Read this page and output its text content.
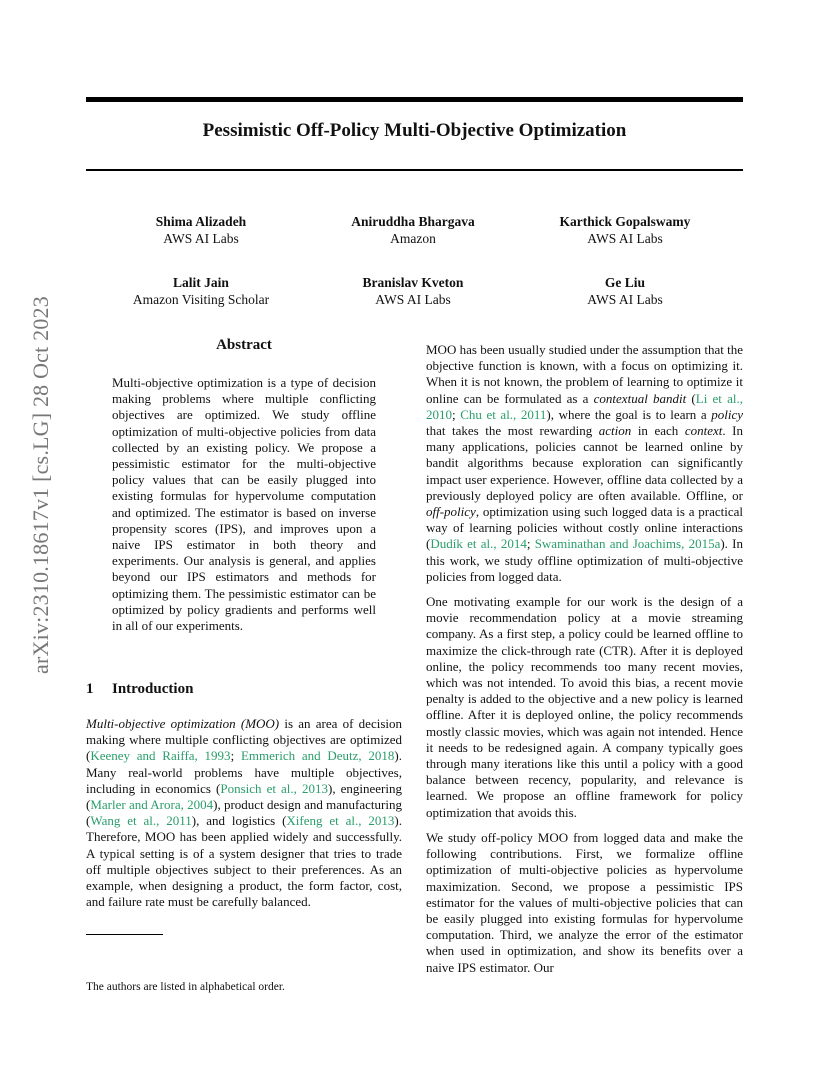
Pessimistic Off-Policy Multi-Objective Optimization
arXiv:2310.18617v1 [cs.LG] 28 Oct 2023
Shima Alizadeh
AWS AI Labs
Aniruddha Bhargava
Amazon
Karthick Gopalswamy
AWS AI Labs
Lalit Jain
Amazon Visiting Scholar
Branislav Kveton
AWS AI Labs
Ge Liu
AWS AI Labs
Abstract
Multi-objective optimization is a type of decision making problems where multiple conflicting objectives are optimized. We study offline optimization of multi-objective policies from data collected by an existing policy. We propose a pessimistic estimator for the multi-objective policy values that can be easily plugged into existing formulas for hypervolume computation and optimized. The estimator is based on inverse propensity scores (IPS), and improves upon a naive IPS estimator in both theory and experiments. Our analysis is general, and applies beyond our IPS estimators and methods for optimizing them. The pessimistic estimator can be optimized by policy gradients and performs well in all of our experiments.
1 Introduction

Multi-objective optimization (MOO) is an area of decision making where multiple conflicting objectives are optimized (Keeney and Raiffa, 1993; Emmerich and Deutz, 2018). Many real-world problems have multiple objectives, including in economics (Ponsich et al., 2013), engineering (Marler and Arora, 2004), product design and manufacturing (Wang et al., 2011), and logistics (Xifeng et al., 2013). Therefore, MOO has been applied widely and successfully. A typical setting is of a system designer that tries to trade off multiple objectives subject to their preferences. As an example, when designing a product, the form factor, cost, and failure rate must be carefully balanced.

MOO has been usually studied under the assumption that the objective function is known, with a focus on optimizing it. When it is not known, the problem of learning to optimize it online can be formulated as a contextual bandit (Li et al., 2010; Chu et al., 2011), where the goal is to learn a policy that takes the most rewarding action in each context. In many applications, policies cannot be learned online by bandit algorithms because exploration can significantly impact user experience. However, offline data collected by a previously deployed policy are often available. Offline, or off-policy, optimization using such logged data is a practical way of learning policies without costly online interactions (Dudík et al., 2014; Swaminathan and Joachims, 2015a). In this work, we study offline optimization of multi-objective policies from logged data.

One motivating example for our work is the design of a movie recommendation policy at a movie streaming company. As a first step, a policy could be learned offline to maximize the click-through rate (CTR). After it is deployed online, the policy recommends too many recent movies, which was not intended. To avoid this bias, a recent movie penalty is added to the objective and a new policy is learned offline. After it is deployed online, the policy recommends mostly classic movies, which was again not intended. Hence it needs to be redesigned again. A company typically goes through many iterations like this until a policy with a good balance between recency, popularity, and relevance is learned. We propose an offline framework for policy optimization that avoids this.

We study off-policy MOO from logged data and make the following contributions. First, we formalize offline optimization of multi-objective policies as hypervolume maximization. Second, we propose a pessimistic IPS estimator for the values of multi-objective policies that can be easily plugged into existing formulas for hypervolume computation. Third, we analyze the error of the estimator when used in optimization, and show its benefits over a naive IPS estimator. Our

The authors are listed in alphabetical order.
